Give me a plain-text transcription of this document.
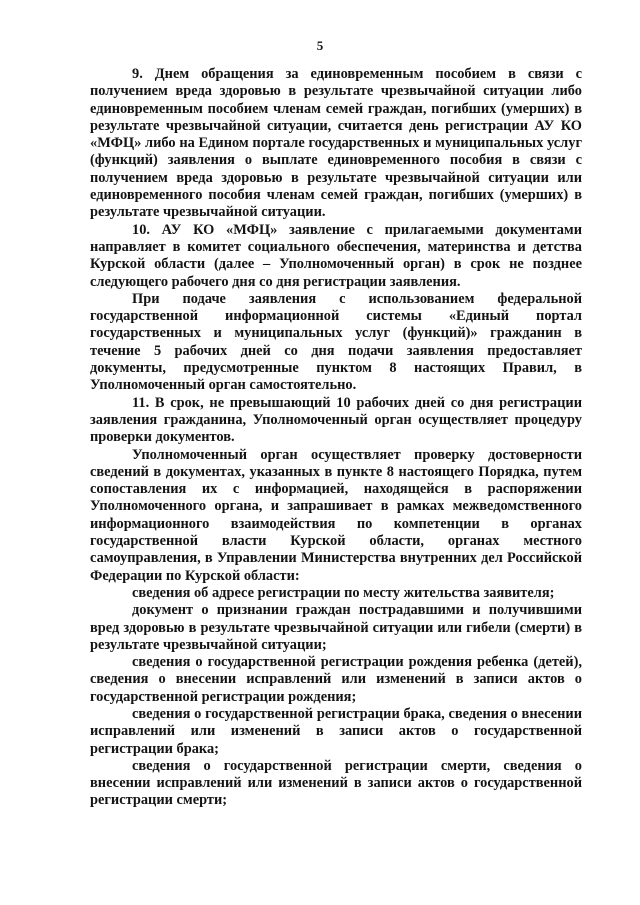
5

9. Днем обращения за единовременным пособием в связи с получением вреда здоровью в результате чрезвычайной ситуации либо единовременным пособием членам семей граждан, погибших (умерших) в результате чрезвычайной ситуации, считается день регистрации АУ КО «МФЦ» либо на Едином портале государственных и муниципальных услуг (функций) заявления о выплате единовременного пособия в связи с получением вреда здоровью в результате чрезвычайной ситуации или единовременного пособия членам семей граждан, погибших (умерших) в результате чрезвычайной ситуации.

10. АУ КО «МФЦ» заявление с прилагаемыми документами направляет в комитет социального обеспечения, материнства и детства Курской области (далее – Уполномоченный орган) в срок не позднее следующего рабочего дня со дня регистрации заявления.

При подаче заявления с использованием федеральной государственной информационной системы «Единый портал государственных и муниципальных услуг (функций)» гражданин в течение 5 рабочих дней со дня подачи заявления предоставляет документы, предусмотренные пунктом 8 настоящих Правил, в Уполномоченный орган самостоятельно.

11. В срок, не превышающий 10 рабочих дней со дня регистрации заявления гражданина, Уполномоченный орган осуществляет процедуру проверки документов.

Уполномоченный орган осуществляет проверку достоверности сведений в документах, указанных в пункте 8 настоящего Порядка, путем сопоставления их с информацией, находящейся в распоряжении Уполномоченного органа, и запрашивает в рамках межведомственного информационного взаимодействия по компетенции в органах государственной власти Курской области, органах местного самоуправления, в Управлении Министерства внутренних дел Российской Федерации по Курской области:

сведения об адресе регистрации по месту жительства заявителя;

документ о признании граждан пострадавшими и получившими вред здоровью в результате чрезвычайной ситуации или гибели (смерти) в результате чрезвычайной ситуации;

сведения о государственной регистрации рождения ребенка (детей), сведения о внесении исправлений или изменений в записи актов о государственной регистрации рождения;

сведения о государственной регистрации брака, сведения о внесении исправлений или изменений в записи актов о государственной регистрации брака;

сведения о государственной регистрации смерти, сведения о внесении исправлений или изменений в записи актов о государственной регистрации смерти;
